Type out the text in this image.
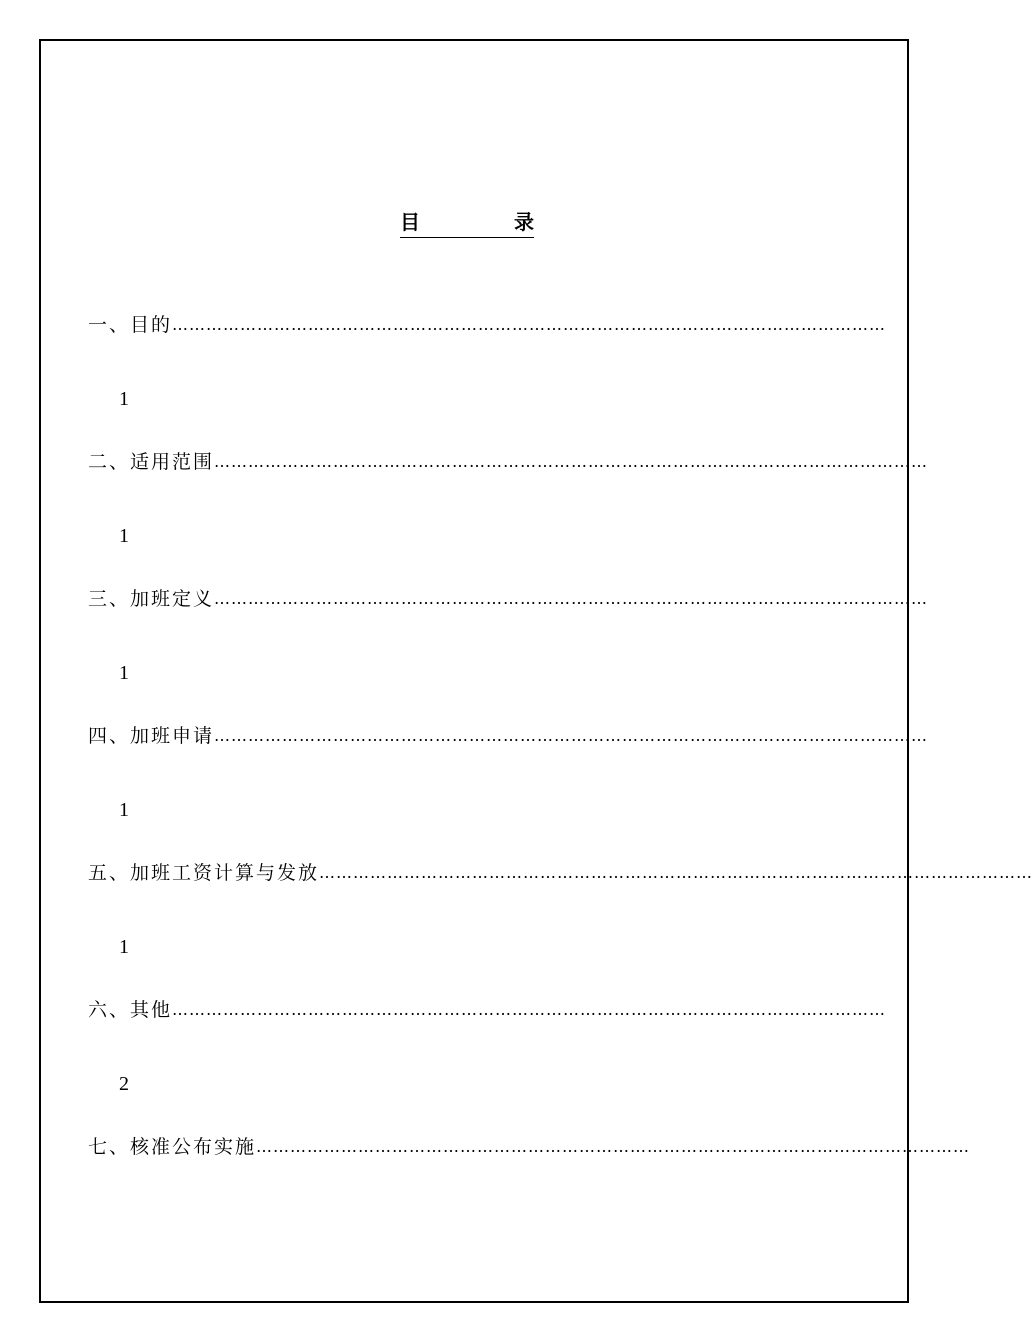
目	录
一、目的 ………………………………………………………………………………………………………………
1
二、适用范围 ………………………………………………………………………………………………………………
1
三、加班定义 ………………………………………………………………………………………………………………
1
四、加班申请 ………………………………………………………………………………………………………………
1
五、加班工资计算与发放 ………………………………………………………………………………………………………………
1
六、其他 ………………………………………………………………………………………………………………
2
七、核准公布实施 ………………………………………………………………………………………………………………
